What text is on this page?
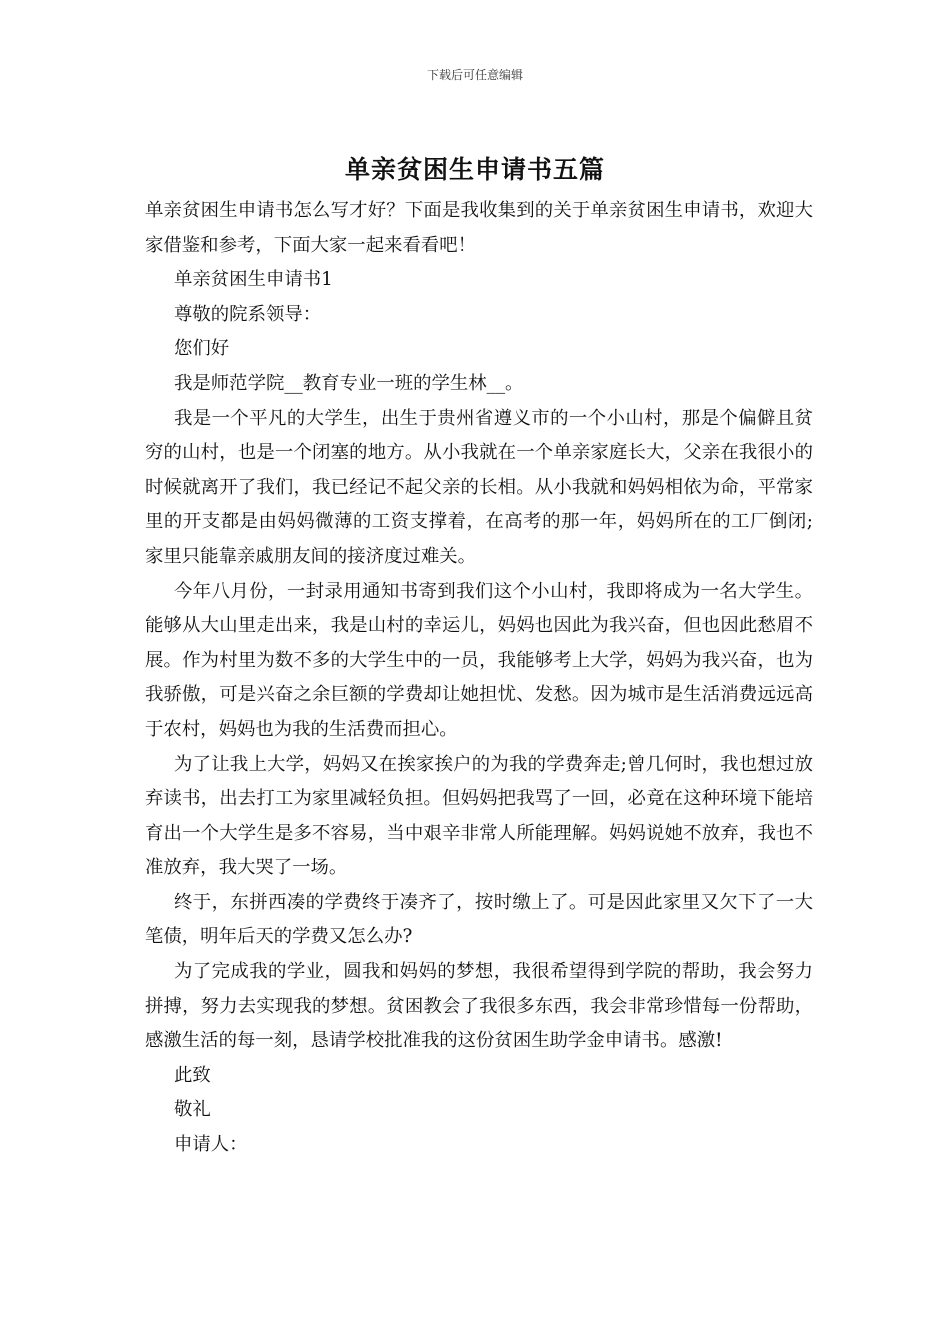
下载后可任意编辑
单亲贫困生申请书五篇

单亲贫困生申请书怎么写才好？下面是我收集到的关于单亲贫困生申请书，欢迎大家借鉴和参考，下面大家一起来看看吧！

单亲贫困生申请书1

尊敬的院系领导：

您们好

我是师范学院__教育专业一班的学生林__。

我是一个平凡的大学生，出生于贵州省遵义市的一个小山村，那是个偏僻且贫穷的山村，也是一个闭塞的地方。从小我就在一个单亲家庭长大，父亲在我很小的时候就离开了我们，我已经记不起父亲的长相。从小我就和妈妈相依为命，平常家里的开支都是由妈妈微薄的工资支撑着，在高考的那一年，妈妈所在的工厂倒闭;家里只能靠亲戚朋友间的接济度过难关。

今年八月份，一封录用通知书寄到我们这个小山村，我即将成为一名大学生。能够从大山里走出来，我是山村的幸运儿，妈妈也因此为我兴奋，但也因此愁眉不展。作为村里为数不多的大学生中的一员，我能够考上大学，妈妈为我兴奋，也为我骄傲，可是兴奋之余巨额的学费却让她担忧、发愁。因为城市是生活消费远远高于农村，妈妈也为我的生活费而担心。

为了让我上大学，妈妈又在挨家挨户的为我的学费奔走;曾几何时，我也想过放弃读书，出去打工为家里减轻负担。但妈妈把我骂了一回，必竟在这种环境下能培育出一个大学生是多不容易，当中艰辛非常人所能理解。妈妈说她不放弃，我也不准放弃，我大哭了一场。

终于，东拼西凑的学费终于凑齐了，按时缴上了。可是因此家里又欠下了一大笔债，明年后天的学费又怎么办?

为了完成我的学业，圆我和妈妈的梦想，我很希望得到学院的帮助，我会努力拼搏，努力去实现我的梦想。贫困教会了我很多东西，我会非常珍惜每一份帮助，感激生活的每一刻，恳请学校批准我的这份贫困生助学金申请书。感激!

此致

敬礼

申请人：
